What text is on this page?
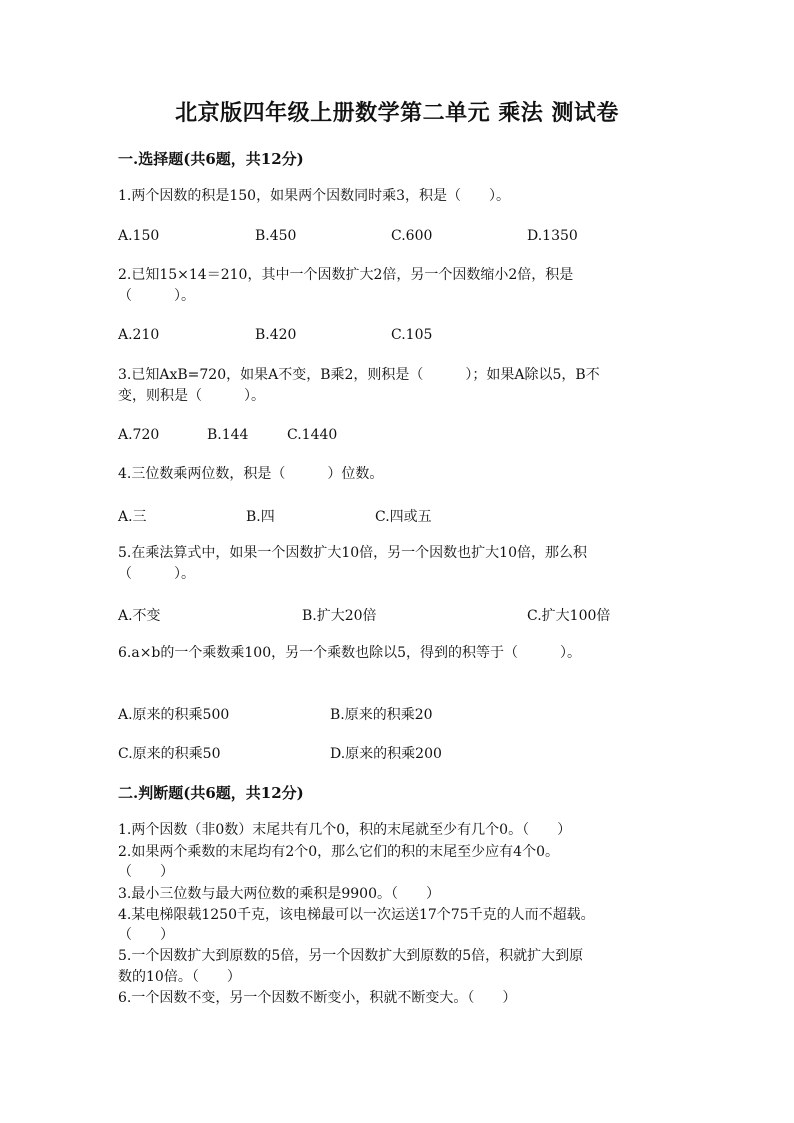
北京版四年级上册数学第二单元 乘法 测试卷
一.选择题(共6题，共12分)
1.两个因数的积是150，如果两个因数同时乘3，积是（　　）。
A.150	B.450	C.600	D.1350
2.已知15×14＝210，其中一个因数扩大2倍，另一个因数缩小2倍，积是
（　　　）。
A.210	B.420	C.105
3.已知AxB=720，如果A不变，B乘2，则积是（　　　）；如果A除以5，B不
变，则积是（　　　）。
A.720	B.144	C.1440
4.三位数乘两位数，积是（　　　）位数。
A.三	B.四	C.四或五
5.在乘法算式中，如果一个因数扩大10倍，另一个因数也扩大10倍，那么积
（　　　）。
A.不变	B.扩大20倍	C.扩大100倍
6.a×b的一个乘数乘100，另一个乘数也除以5，得到的积等于（　　　）。
A.原来的积乘500	B.原来的积乘20
C.原来的积乘50	D.原来的积乘200
二.判断题(共6题，共12分)
1.两个因数（非0数）末尾共有几个0，积的末尾就至少有几个0。（　　）
2.如果两个乘数的末尾均有2个0，那么它们的积的末尾至少应有4个0。
（　　）
3.最小三位数与最大两位数的乘积是9900。（　　）
4.某电梯限载1250千克，该电梯最可以一次运送17个75千克的人而不超载。
（　　）
5.一个因数扩大到原数的5倍，另一个因数扩大到原数的5倍，积就扩大到原
数的10倍。（　　）
6.一个因数不变，另一个因数不断变小，积就不断变大。（　　）
